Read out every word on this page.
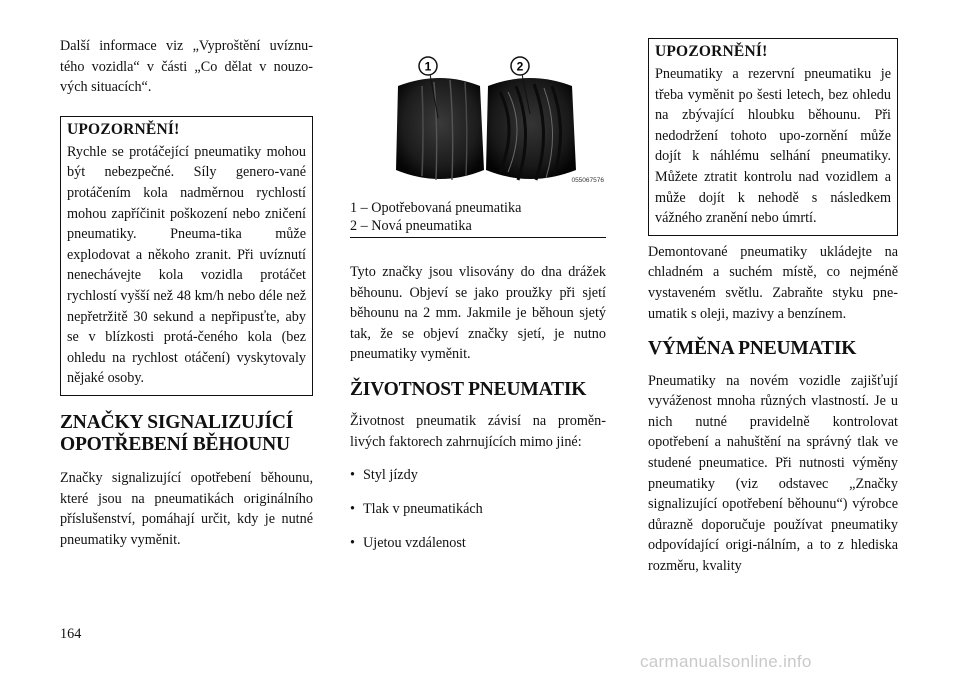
Další informace viz „Vyproštění uvíznu-tého vozidla“ v části „Co dělat v nouzo-vých situacích“.

UPOZORNĚNÍ!

Rychle se protáčející pneumatiky mohou být nebezpečné. Síly genero-vané protáčením kola nadměrnou rychlostí mohou zapříčinit poškození nebo zničení pneumatiky. Pneuma-tika může explodovat a někoho zranit. Při uvíznutí nenechávejte kola vozidla protáčet rychlostí vyšší než 48 km/h nebo déle než nepřetržitě 30 sekund a nepřipusťte, aby se v blízkosti protá-čeného kola (bez ohledu na rychlost otáčení) vyskytovaly nějaké osoby.

ZNAČKY SIGNALIZUJÍCÍ
OPOTŘEBENÍ BĚHOUNU

Značky signalizující opotřebení běhounu, které jsou na pneumatikách originálního příslušenství, pomáhají určit, kdy je nutné pneumatiky vyměnit.

1	2
055067576
1 – Opotřebovaná pneumatika
2 – Nová pneumatika

Tyto značky jsou vlisovány do dna drážek běhounu. Objeví se jako proužky při sjetí běhounu na 2 mm. Jakmile je běhoun sjetý tak, že se objeví značky sjetí, je nutno pneumatiky vyměnit.

ŽIVOTNOST PNEUMATIK

Životnost pneumatik závisí na proměn-livých faktorech zahrnujících mimo jiné:

• Styl jízdy
• Tlak v pneumatikách
• Ujetou vzdálenost
UPOZORNĚNÍ!

Pneumatiky a rezervní pneumatiku je třeba vyměnit po šesti letech, bez ohledu na zbývající hloubku běhounu. Při nedodržení tohoto upo-zornění může dojít k náhlému selhání pneumatiky. Můžete ztratit kontrolu nad vozidlem a může dojít k nehodě s následkem vážného zranění nebo úmrtí.

Demontované pneumatiky ukládejte na chladném a suchém místě, co nejméně vystaveném světlu. Zabraňte styku pne-umatik s oleji, mazivy a benzínem.

VÝMĚNA PNEUMATIK

Pneumatiky na novém vozidle zajišťují vyváženost mnoha různých vlastností. Je u nich nutné pravidelně kontrolovat opotřebení a nahuštění na správný tlak ve studené pneumatice. Při nutnosti výměny pneumatiky (viz odstavec „Značky signalizující opotřebení běhounu“) výrobce důrazně doporučuje používat pneumatiky odpovídající origi-nálním, a to z hlediska rozměru, kvality

164
carmanualsonline.info
